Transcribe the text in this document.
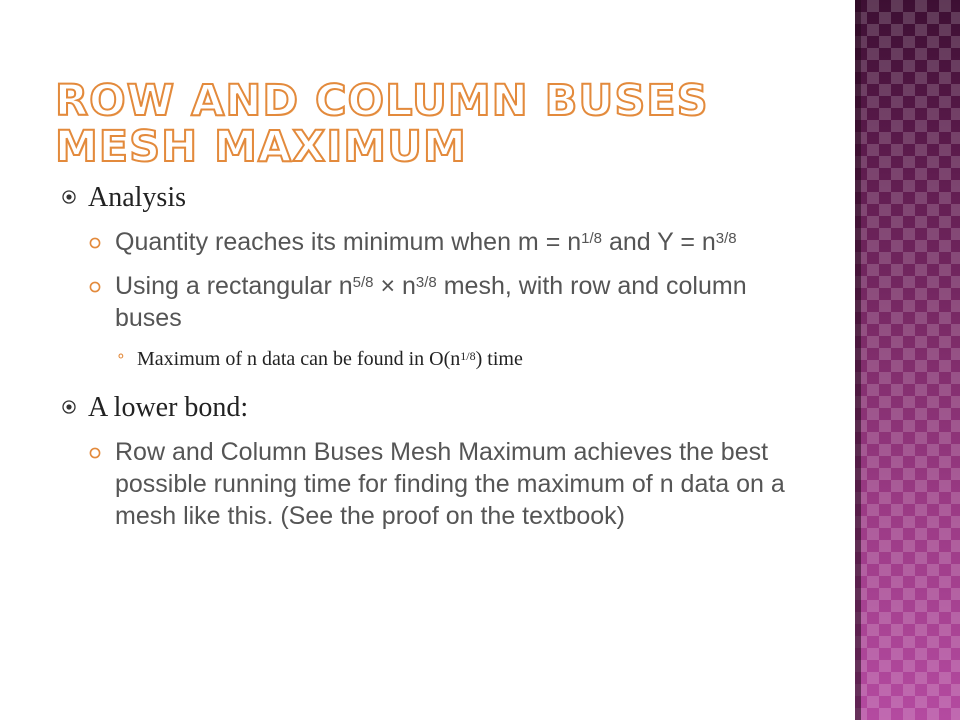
ROW AND COLUMN BUSES MESH MAXIMUM
Analysis
Quantity reaches its minimum when $m = n^{1/8}$ and $Y = n^{3/8}$
Using a rectangular $n^{5/8} \times n^{3/8}$ mesh, with row and column buses
⚬ Maximum of n data can be found in $O(n^{1/8})$ time
A lower bond:
Row and Column Buses Mesh Maximum achieves the best possible running time for finding the maximum of n data on a mesh like this. (See the proof on the textbook)
